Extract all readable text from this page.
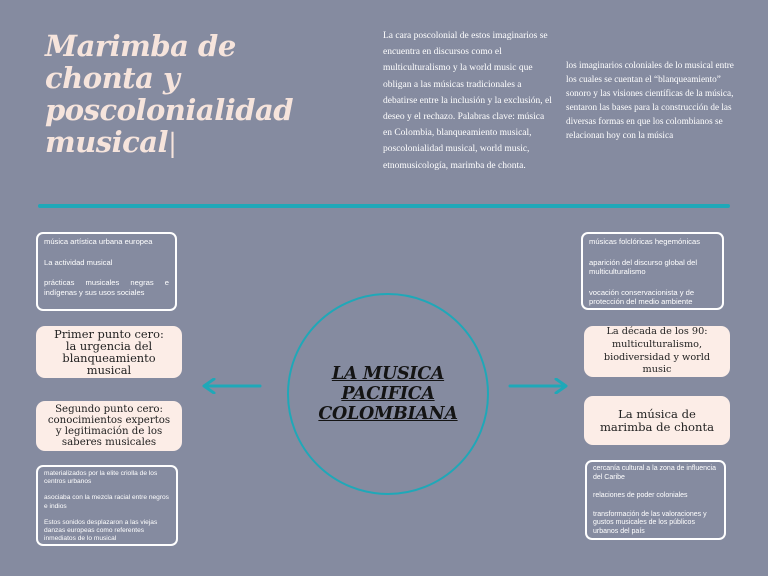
Marimba de
chonta y
poscolonialidad
musical|
La cara poscolonial de estos imaginarios se encuentra en discursos como el multiculturalismo y la world music que obligan a las músicas tradicionales a debatirse entre la inclusión y la exclusión, el deseo y el rechazo. Palabras clave: música en Colombia, blanqueamiento musical, poscolonialidad musical, world music, etnomusicología, marimba de chonta.
los imaginarios coloniales de lo musical entre los cuales se cuentan el “blanqueamiento” sonoro y las visiones científicas de la música, sentaron las bases para la construcción de las diversas formas en que los colombianos se relacionan hoy con la música
música artística urbana europea
La actividad musical
prácticas musicales negras e indígenas y sus usos sociales
Primer punto cero:
la urgencia del
blanqueamiento
musical
Segundo punto cero:
conocimientos expertos
y legitimación de los
saberes musicales
materializados por la elite criolla de los centros urbanos
asociaba con la mezcla racial entre negros e indios
Estos sonidos desplazaron a las viejas danzas europeas como referentes inmediatos de lo musical
músicas folclóricas hegemónicas
aparición del discurso global del multiculturalismo
vocación conservacionista y de protección del medio ambiente
La década de los 90:
multiculturalismo,
biodiversidad y world
music
La música de
marimba de chonta
cercanía cultural a la zona de influencia del Caribe
relaciones de poder coloniales
transformación de las valoraciones y gustos musicales de los públicos urbanos del país
LA MUSICA
PACIFICA
COLOMBIANA
